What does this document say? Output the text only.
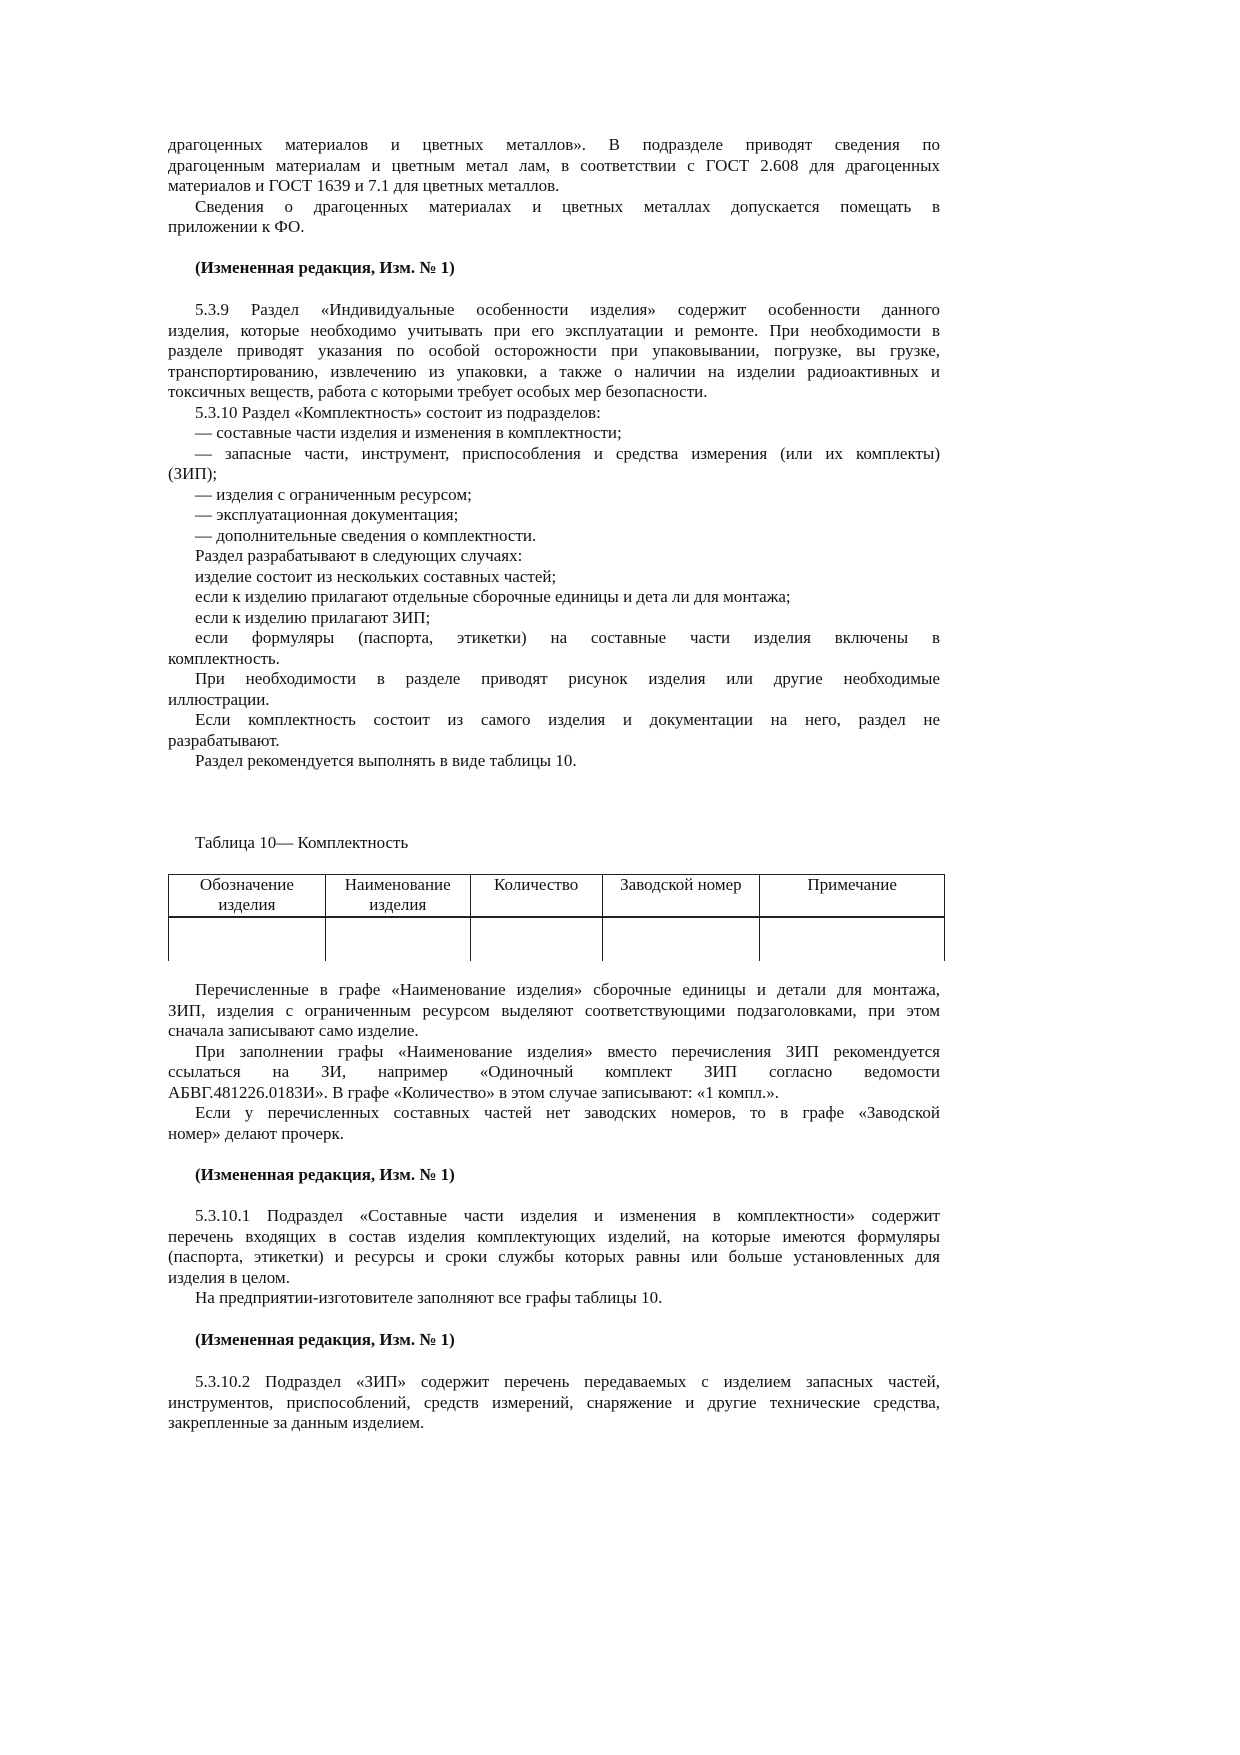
драгоценных материалов и цветных металлов». В подразделе приводят сведения по
драгоценным материалам и цветным метал лам, в соответствии с ГОСТ 2.608 для драгоценных
материалов и ГОСТ 1639 и 7.1 для цветных металлов.
Сведения о драгоценных материалах и цветных металлах допускается помещать в
приложении к ФО.
(Измененная редакция, Изм. № 1)
5.3.9 Раздел «Индивидуальные особенности изделия» содержит особенности данного
изделия, которые необходимо учитывать при его эксплуатации и ремонте. При необходимости в
разделе приводят указания по особой осторожности при упаковывании, погрузке, вы грузке,
транспортированию, извлечению из упаковки, а также о наличии на изделии радиоактивных и
токсичных веществ, работа с которыми требует особых мер безопасности.
5.3.10 Раздел «Комплектность» состоит из подразделов:
— составные части изделия и изменения в комплектности;
— запасные части, инструмент, приспособления и средства измерения (или их комплекты)
(ЗИП);
— изделия с ограниченным ресурсом;
— эксплуатационная документация;
— дополнительные сведения о комплектности.
Раздел разрабатывают в следующих случаях:
изделие состоит из нескольких составных частей;
если к изделию прилагают отдельные сборочные единицы и дета ли для монтажа;
если к изделию прилагают ЗИП;
если формуляры (паспорта, этикетки) на составные части изделия включены в
комплектность.
При необходимости в разделе приводят рисунок изделия или другие необходимые
иллюстрации.
Если комплектность состоит из самого изделия и документации на него, раздел не
разрабатывают.
Раздел рекомендуется выполнять в виде таблицы 10.
Таблица 10— Комплектность
Обозначение изделия	Наименование изделия	Количество	Заводской номер	Примечание

Перечисленные в графе «Наименование изделия» сборочные единицы и детали для монтажа,
ЗИП, изделия с ограниченным ресурсом выделяют соответствующими подзаголовками, при этом
сначала записывают само изделие.
При заполнении графы «Наименование изделия» вместо перечисления ЗИП рекомендуется
ссылаться на ЗИ, например «Одиночный комплект ЗИП согласно ведомости
АБВГ.481226.0183И». В графе «Количество» в этом случае записывают: «1 компл.».
Если у перечисленных составных частей нет заводских номеров, то в графе «Заводской
номер» делают прочерк.
(Измененная редакция, Изм. № 1)
5.3.10.1 Подраздел «Составные части изделия и изменения в комплектности» содержит
перечень входящих в состав изделия комплектующих изделий, на которые имеются формуляры
(паспорта, этикетки) и ресурсы и сроки службы которых равны или больше установленных для
изделия в целом.
На предприятии-изготовителе заполняют все графы таблицы 10.
(Измененная редакция, Изм. № 1)
5.3.10.2 Подраздел «ЗИП» содержит перечень передаваемых с изделием запасных частей,
инструментов, приспособлений, средств измерений, снаряжение и другие технические средства,
закрепленные за данным изделием.
